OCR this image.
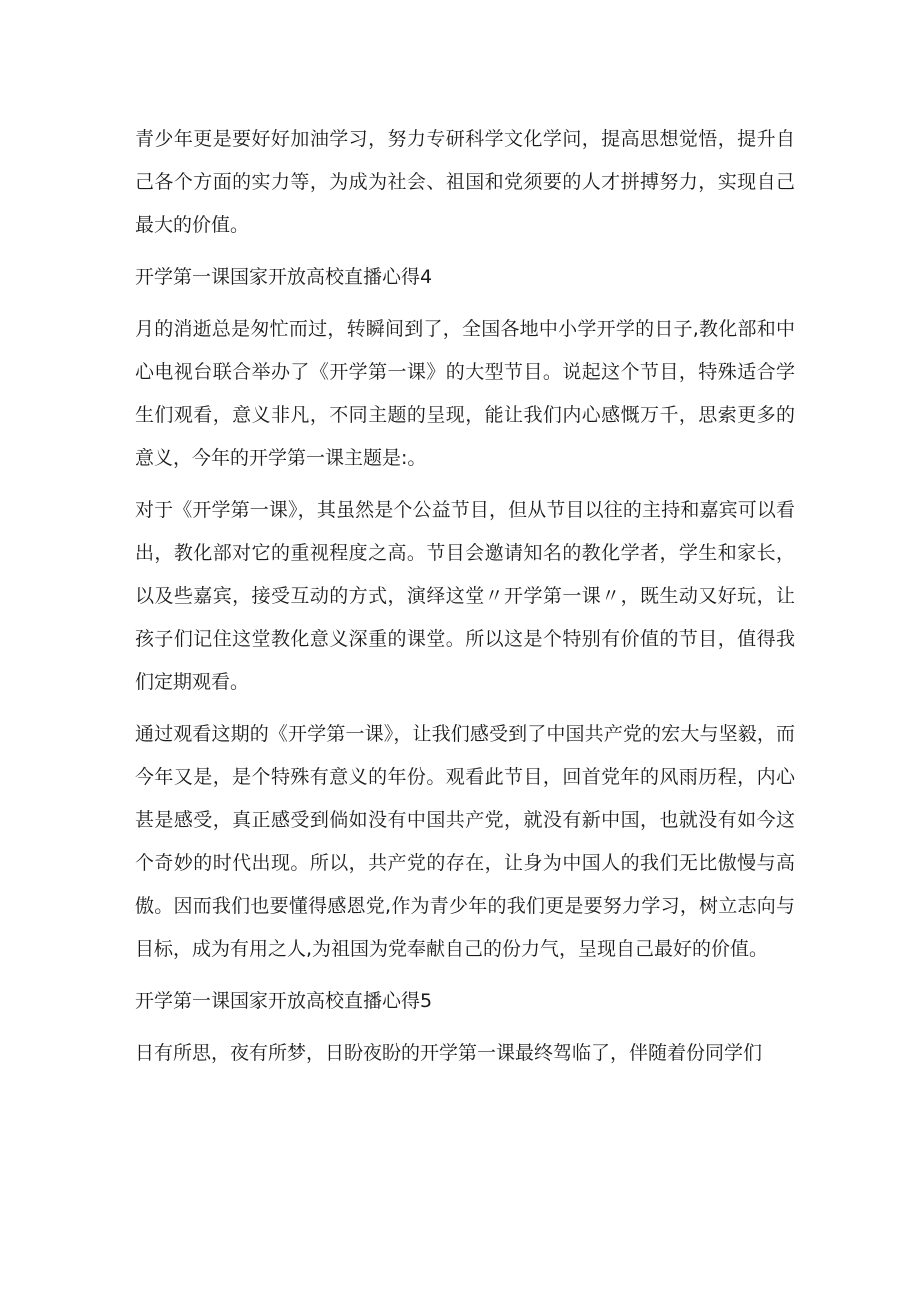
青少年更是要好好加油学习，努力专研科学文化学问，提高思想觉悟，提升自己各个方面的实力等，为成为社会、祖国和党须要的人才拼搏努力，实现自己最大的价值。

开学第一课国家开放高校直播心得4

月的消逝总是匆忙而过，转瞬间到了，全国各地中小学开学的日子,教化部和中心电视台联合举办了《开学第一课》的大型节目。说起这个节目，特殊适合学生们观看，意义非凡，不同主题的呈现，能让我们内心感慨万千，思索更多的意义，今年的开学第一课主题是:。

对于《开学第一课》，其虽然是个公益节目，但从节目以往的主持和嘉宾可以看出，教化部对它的重视程度之高。节目会邀请知名的教化学者，学生和家长，以及些嘉宾，接受互动的方式，演绎这堂〃开学第一课〃，既生动又好玩，让孩子们记住这堂教化意义深重的课堂。所以这是个特别有价值的节目，值得我们定期观看。

通过观看这期的《开学第一课》，让我们感受到了中国共产党的宏大与坚毅，而今年又是，是个特殊有意义的年份。观看此节目，回首党年的风雨历程，内心甚是感受，真正感受到倘如没有中国共产党，就没有新中国，也就没有如今这个奇妙的时代出现。所以，共产党的存在，让身为中国人的我们无比傲慢与高傲。因而我们也要懂得感恩党,作为青少年的我们更是要努力学习，树立志向与目标，成为有用之人,为祖国为党奉献自己的份力气，呈现自己最好的价值。

开学第一课国家开放高校直播心得5

日有所思，夜有所梦，日盼夜盼的开学第一课最终驾临了，伴随着份同学们
